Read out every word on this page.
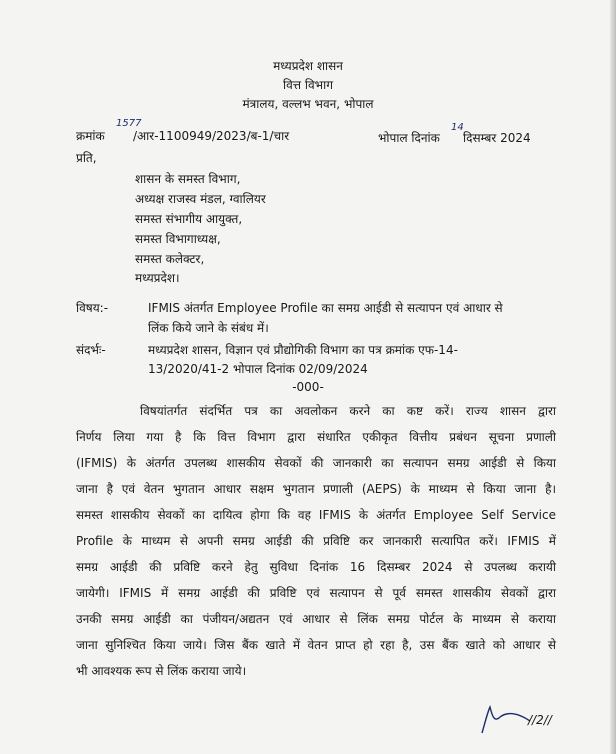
मध्यप्रदेश शासन
वित्त विभाग
मंत्रालय, वल्लभ भवन, भोपाल
क्रमांक
1577
/आर-1100949/2023/ब-1/चार	भोपाल दिनांक
14
दिसम्बर 2024
प्रति,
शासन के समस्त विभाग,
अध्यक्ष राजस्व मंडल, ग्वालियर
समस्त संभागीय आयुक्त,
समस्त विभागाध्यक्ष,
समस्त कलेक्टर,
मध्यप्रदेश।
विषय:-	IFMIS अंतर्गत Employee Profile का समग्र आईडी से सत्यापन एवं आधार से
लिंक किये जाने के संबंध में।
संदर्भः-	मध्यप्रदेश शासन, विज्ञान एवं प्रौद्योगिकी विभाग का पत्र क्रमांक एफ-14-
13/2020/41-2 भोपाल दिनांक 02/09/2024
-000-
विषयांतर्गत संदर्भित पत्र का अवलोकन करने का कष्ट करें। राज्य शासन द्वारा
निर्णय लिया गया है कि वित्त विभाग द्वारा संधारित एकीकृत वित्तीय प्रबंधन सूचना प्रणाली
(IFMIS) के अंतर्गत उपलब्ध शासकीय सेवकों की जानकारी का सत्यापन समग्र आईडी से किया
जाना है एवं वेतन भुगतान आधार सक्षम भुगतान प्रणाली (AEPS) के माध्यम से किया जाना है।
समस्त शासकीय सेवकों का दायित्व होगा कि वह IFMIS के अंतर्गत Employee Self Service
Profile के माध्यम से अपनी समग्र आईडी की प्रविष्टि कर जानकारी सत्यापित करें। IFMIS में
समग्र आईडी की प्रविष्टि करने हेतु सुविधा दिनांक 16 दिसम्बर 2024 से उपलब्ध करायी
जायेगी। IFMIS में समग्र आईडी की प्रविष्टि एवं सत्यापन से पूर्व समस्त शासकीय सेवकों द्वारा
उनकी समग्र आईडी का पंजीयन/अद्यतन एवं आधार से लिंक समग्र पोर्टल के माध्यम से कराया
जाना सुनिश्चित किया जाये। जिस बैंक खाते में वेतन प्राप्त हो रहा है, उस बैंक खाते को आधार से
भी आवश्यक रूप से लिंक कराया जाये।
//2//
